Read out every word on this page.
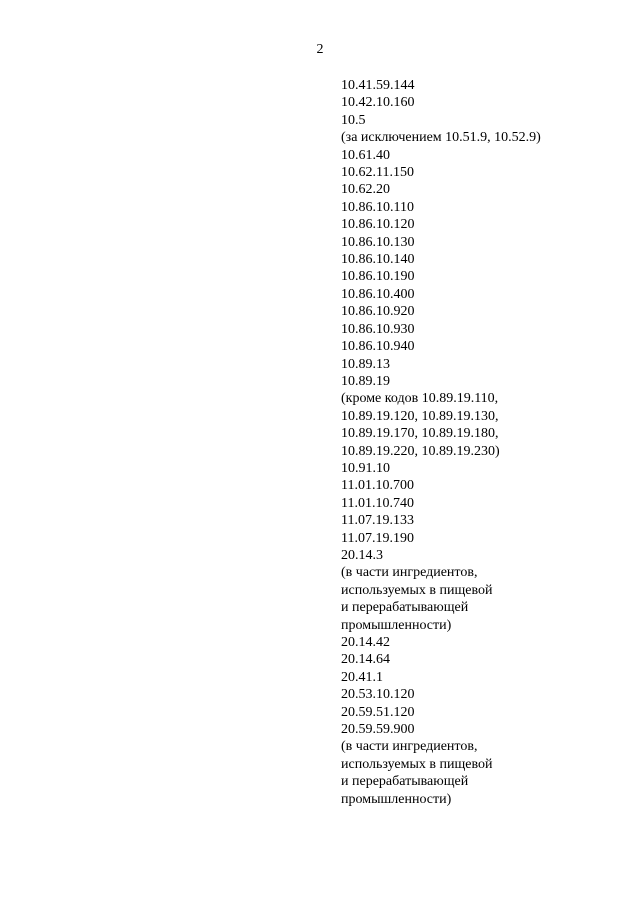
2
10.41.59.144
10.42.10.160
10.5
(за исключением 10.51.9, 10.52.9)
10.61.40
10.62.11.150
10.62.20
10.86.10.110
10.86.10.120
10.86.10.130
10.86.10.140
10.86.10.190
10.86.10.400
10.86.10.920
10.86.10.930
10.86.10.940
10.89.13
10.89.19
(кроме кодов 10.89.19.110,
10.89.19.120, 10.89.19.130,
10.89.19.170, 10.89.19.180,
10.89.19.220, 10.89.19.230)
10.91.10
11.01.10.700
11.01.10.740
11.07.19.133
11.07.19.190
20.14.3
(в части ингредиентов,
используемых в пищевой
и перерабатывающей
промышленности)
20.14.42
20.14.64
20.41.1
20.53.10.120
20.59.51.120
20.59.59.900
(в части ингредиентов,
используемых в пищевой
и перерабатывающей
промышленности)
